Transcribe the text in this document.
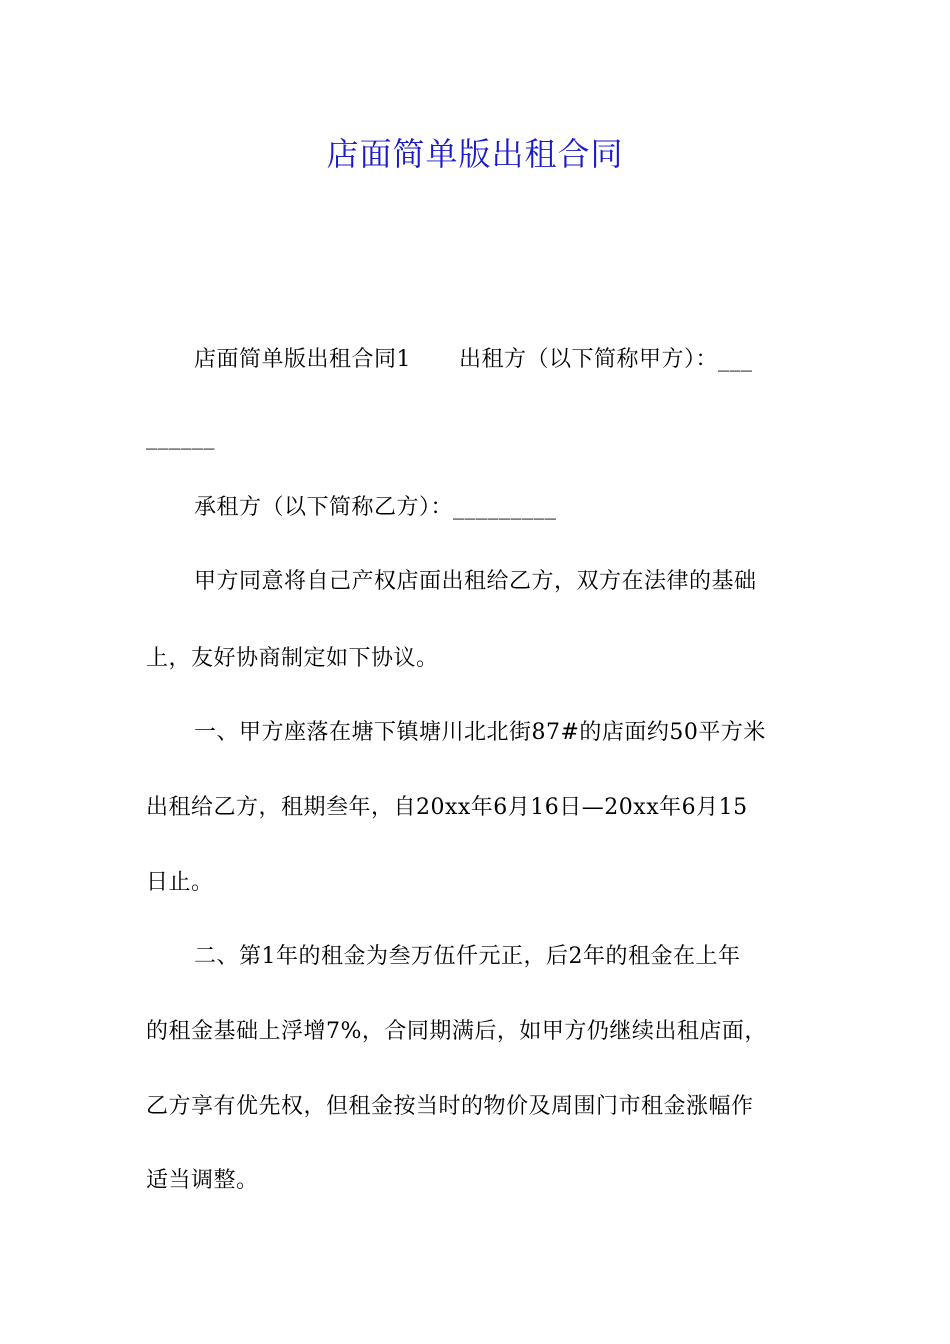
店面简单版出租合同
店面简单版出租合同1 出租方（以下简称甲方）：___
______
承租方（以下简称乙方）：_________
甲方同意将自己产权店面出租给乙方，双方在法律的基础
上，友好协商制定如下协议。
一、甲方座落在塘下镇塘川北北街87#的店面约50平方米
出租给乙方，租期叁年，自20xx年6月16日—20xx年6月15
日止。
二、第1年的租金为叁万伍仟元正，后2年的租金在上年
的租金基础上浮增7%，合同期满后，如甲方仍继续出租店面，
乙方享有优先权，但租金按当时的物价及周围门市租金涨幅作
适当调整。
